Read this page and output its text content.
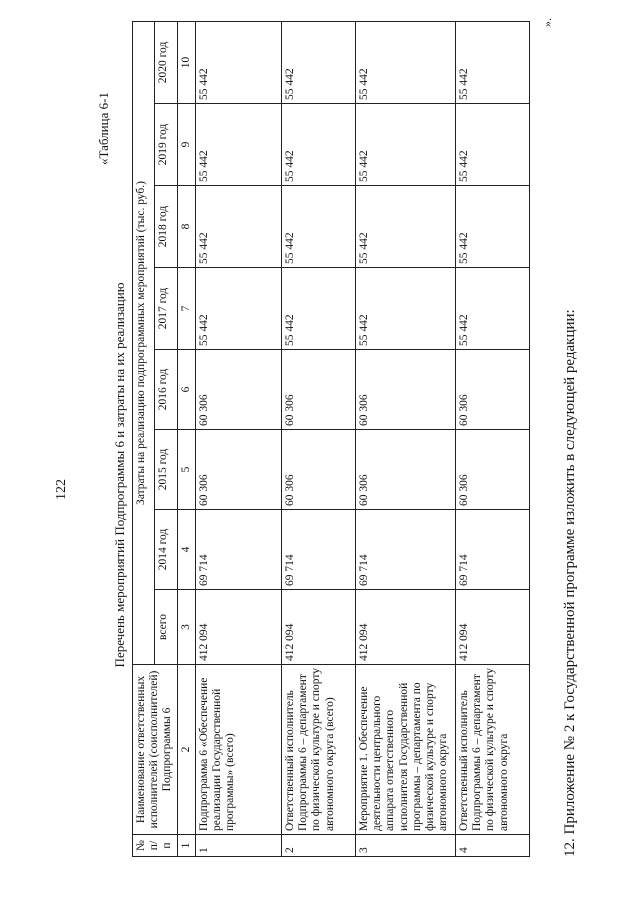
122
«Таблица 6-1
Перечень мероприятий Подпрограммы 6 и затраты на их реализацию
№ п/п	Наименование ответственных исполнителей (соисполнителей) Подпрограммы 6	Затраты на реализацию подпрограммных мероприятий (тыс. руб.)							
		всего	2014 год	2015 год	2016 год	2017 год	2018 год	2019 год	2020 год
1	2	3	4	5	6	7	8	9	10
1	Подпрограмма 6 «Обеспечение реализации Государственной программы» (всего)	412 094	69 714	60 306	60 306	55 442	55 442	55 442	55 442
2	Ответственный исполнитель Подпрограммы 6 – департамент по физической культуре и спорту автономного округа (всего)	412 094	69 714	60 306	60 306	55 442	55 442	55 442	55 442
3	Мероприятие 1. Обеспечение деятельности центрального аппарата ответственного исполнителя Государственной программы – департамента по физической культуре и спорту автономного округа	412 094	69 714	60 306	60 306	55 442	55 442	55 442	55 442
4	Ответственный исполнитель Подпрограммы 6 – департамент по физической культуре и спорту автономного округа	412 094	69 714	60 306	60 306	55 442	55 442	55 442	55 442
».
12. Приложение № 2 к Государственной программе изложить в следующей редакции:
